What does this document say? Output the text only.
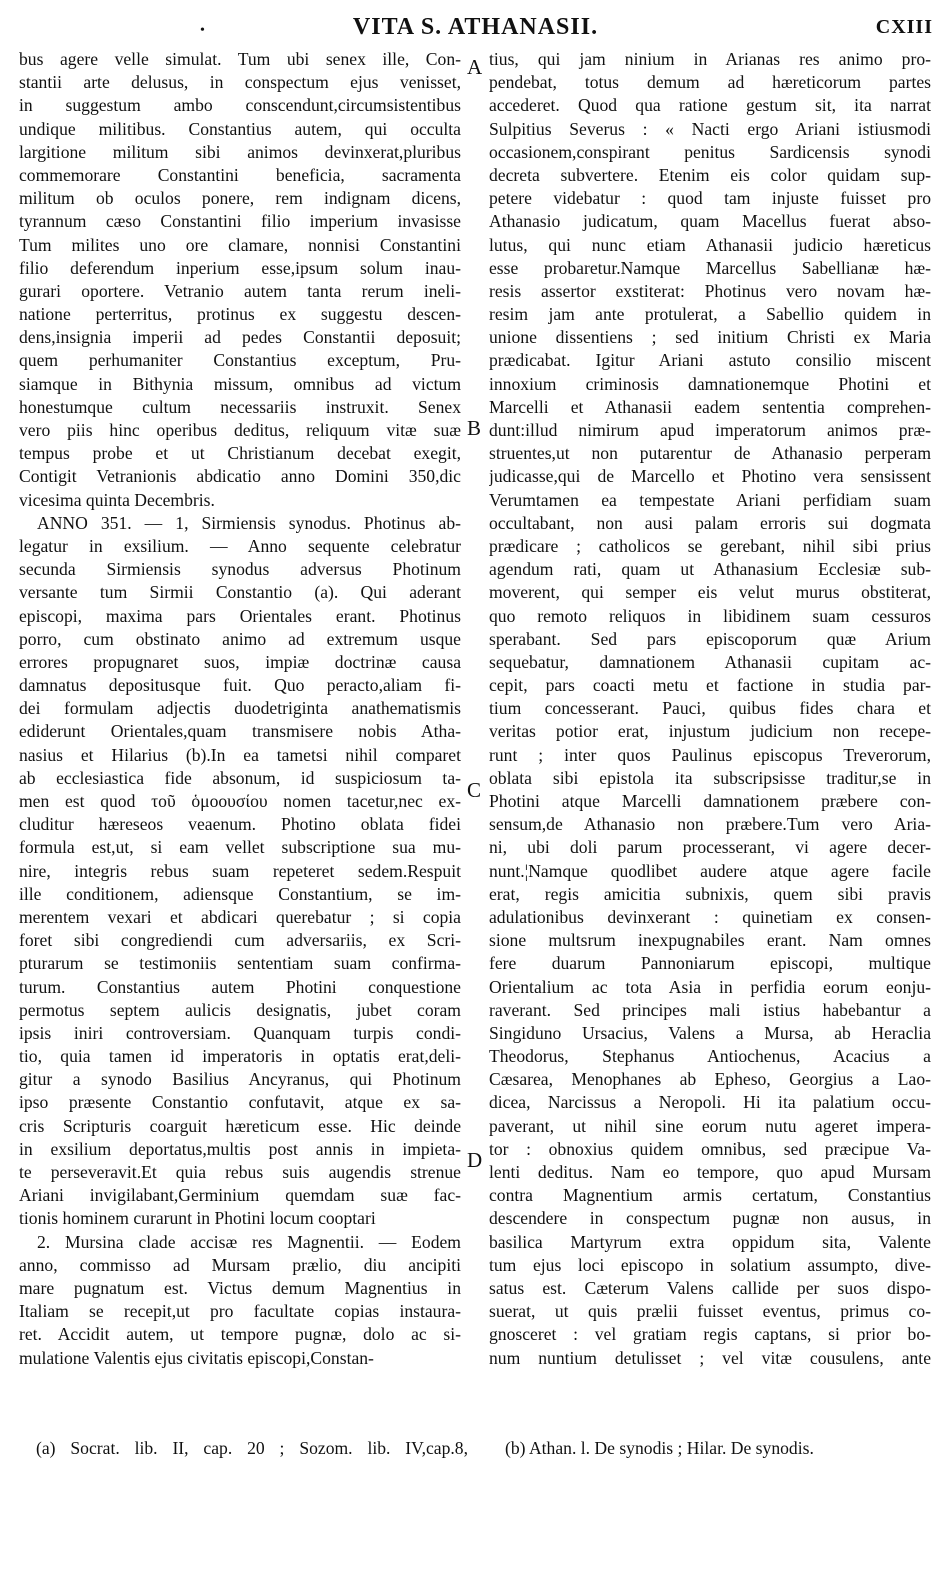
•	VITA S. ATHANASII.	CXIII
bus agere velle simulat. Tum ubi senex ille, Con-
stantii arte delusus, in conspectum ejus venisset,
in suggestum ambo conscendunt,circumsistentibus
undique militibus. Constantius autem, qui occulta
largitione militum sibi animos devinxerat,pluribus
commemorare Constantini beneficia, sacramenta
militum ob oculos ponere, rem indignam dicens,
tyrannum cæso Constantini filio imperium invasisse
Tum milites uno ore clamare, nonnisi Constantini
filio deferendum inperium esse,ipsum solum inau-
gurari oportere. Vetranio autem tanta rerum ineli-
natione perterritus, protinus ex suggestu descen-
dens,insignia imperii ad pedes Constantii deposuit;
quem perhumaniter Constantius exceptum, Pru-
siamque in Bithynia missum, omnibus ad victum
honestumque cultum necessariis instruxit. Senex
vero piis hinc operibus deditus, reliquum vitæ suæ
tempus probe et ut Christianum decebat exegit,
Contigit Vetranionis abdicatio anno Domini 350,dic
vicesima quinta Decembris.
ANNO 351. — 1, Sirmiensis synodus. Photinus ab-
legatur in exsilium. — Anno sequente celebratur
secunda Sirmiensis synodus adversus Photinum
versante tum Sirmii Constantio (a). Qui aderant
episcopi, maxima pars Orientales erant. Photinus
porro, cum obstinato animo ad extremum usque
errores propugnaret suos, impiæ doctrinæ causa
damnatus depositusque fuit. Quo peracto,aliam fi-
dei formulam adjectis duodetriginta anathematismis
ediderunt Orientales,quam transmisere nobis Atha-
nasius et Hilarius (b).In ea tametsi nihil comparet
ab ecclesiastica fide absonum, id suspiciosum ta-
men est quod τοῦ ὁμοουσίου nomen tacetur,nec ex-
cluditur hæreseos veaenum. Photino oblata fidei
formula est,ut, si eam vellet subscriptione sua mu-
nire, integris rebus suam repeteret sedem.Respuit
ille conditionem, adiensque Constantium, se im-
merentem vexari et abdicari querebatur ; si copia
foret sibi congrediendi cum adversariis, ex Scri-
pturarum se testimoniis sententiam suam confirma-
turum. Constantius autem Photini conquestione
permotus septem aulicis designatis, jubet coram
ipsis iniri controversiam. Quanquam turpis condi-
tio, quia tamen id imperatoris in optatis erat,deli-
gitur a synodo Basilius Ancyranus, qui Photinum
ipso præsente Constantio confutavit, atque ex sa-
cris Scripturis coarguit hæreticum esse. Hic deinde
in exsilium deportatus,multis post annis in impieta-
te perseveravit.Et quia rebus suis augendis strenue
Ariani invigilabant,Germinium quemdam suæ fac-
tionis hominem curarunt in Photini locum cooptari
2. Mursina clade accisæ res Magnentii. — Eodem
anno, commisso ad Mursam prælio, diu ancipiti
mare pugnatum est. Victus demum Magnentius in
Italiam se recepit,ut pro facultate copias instaura-
ret. Accidit autem, ut tempore pugnæ, dolo ac si-
mulatione Valentis ejus civitatis episcopi,Constan-
tius, qui jam ninium in Arianas res animo pro-
pendebat, totus demum ad hæreticorum partes
accederet. Quod qua ratione gestum sit, ita narrat
Sulpitius Severus : « Nacti ergo Ariani istiusmodi
occasionem,conspirant penitus Sardicensis synodi
decreta subvertere. Etenim eis color quidam sup-
petere videbatur : quod tam injuste fuisset pro
Athanasio judicatum, quam Macellus fuerat abso-
lutus, qui nunc etiam Athanasii judicio hæreticus
esse probaretur.Namque Marcellus Sabellianæ hæ-
resis assertor exstiterat: Photinus vero novam hæ-
resim jam ante protulerat, a Sabellio quidem in
unione dissentiens ; sed initium Christi ex Maria
prædicabat. Igitur Ariani astuto consilio miscent
innoxium criminosis damnationemque Photini et
Marcelli et Athanasii eadem sententia comprehen-
dunt:illud nimirum apud imperatorum animos præ-
struentes,ut non putarentur de Athanasio perperam
judicasse,qui de Marcello et Photino vera sensissent
Verumtamen ea tempestate Ariani perfidiam suam
occultabant, non ausi palam erroris sui dogmata
prædicare ; catholicos se gerebant, nihil sibi prius
agendum rati, quam ut Athanasium Ecclesiæ sub-
moverent, qui semper eis velut murus obstiterat,
quo remoto reliquos in libidinem suam cessuros
sperabant. Sed pars episcoporum quæ Arium
sequebatur, damnationem Athanasii cupitam ac-
cepit, pars coacti metu et factione in studia par-
tium concesserant. Pauci, quibus fides chara et
veritas potior erat, injustum judicium non recepe-
runt ; inter quos Paulinus episcopus Treverorum,
oblata sibi epistola ita subscripsisse traditur,se in
Photini atque Marcelli damnationem præbere con-
sensum,de Athanasio non præbere.Tum vero Aria-
ni, ubi doli parum processerant, vi agere decer-
nunt.¦Namque quodlibet audere atque agere facile
erat, regis amicitia subnixis, quem sibi pravis
adulationibus devinxerant : quinetiam ex consen-
sione multsrum inexpugnabiles erant. Nam omnes
fere duarum Pannoniarum episcopi, multique
Orientalium ac tota Asia in perfidia eorum eonju-
raverant. Sed principes mali istius habebantur a
Singiduno Ursacius, Valens a Mursa, ab Heraclia
Theodorus, Stephanus Antiochenus, Acacius a
Cæsarea, Menophanes ab Epheso, Georgius a Lao-
dicea, Narcissus a Neropoli. Hi ita palatium occu-
paverant, ut nihil sine eorum nutu ageret impera-
tor : obnoxius quidem omnibus, sed præcipue Va-
lenti deditus. Nam eo tempore, quo apud Mursam
contra Magnentium armis certatum, Constantius
descendere in conspectum pugnæ non ausus, in
basilica Martyrum extra oppidum sita, Valente
tum ejus loci episcopo in solatium assumpto, dive-
satus est. Cæterum Valens callide per suos dispo-
suerat, ut quis prælii fuisset eventus, primus co-
gnosceret : vel gratiam regis captans, si prior bo-
num nuntium detulisset ; vel vitæ cousulens, ante
A
B
C
D
(a) Socrat. lib. II, cap. 20 ; Sozom. lib. IV,cap.8, (b) Athan. l. De synodis ; Hilar. De synodis.
